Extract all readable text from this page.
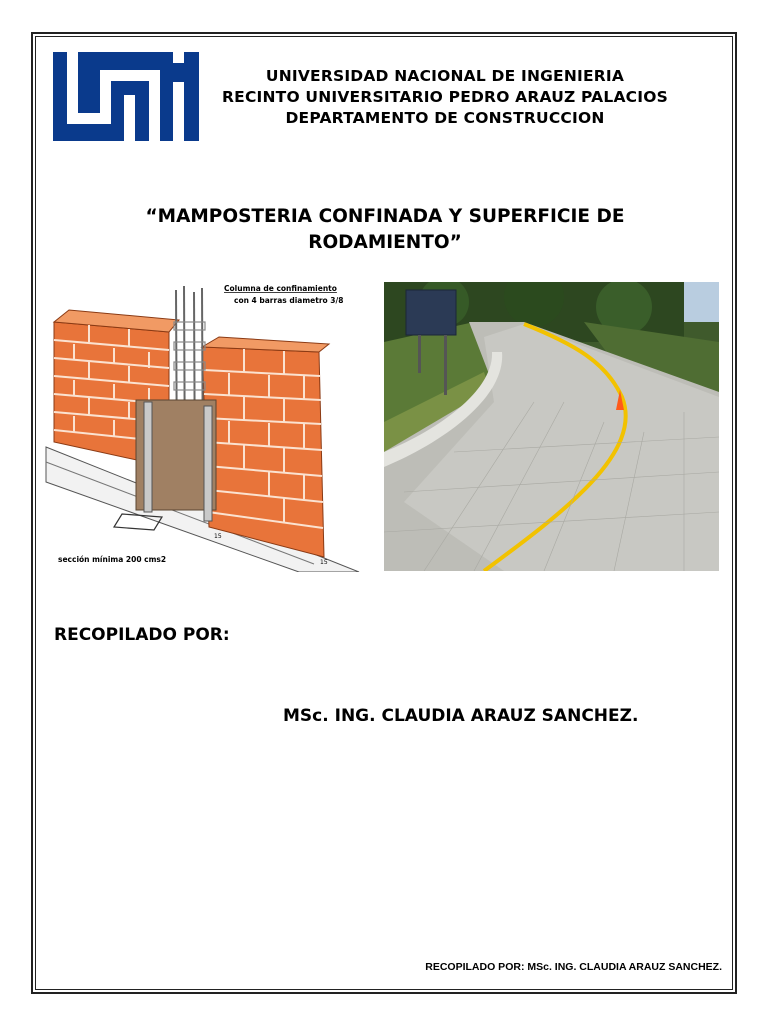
UNIVERSIDAD NACIONAL DE INGENIERIA
RECINTO UNIVERSITARIO PEDRO ARAUZ PALACIOS
DEPARTAMENTO DE CONSTRUCCION
“MAMPOSTERIA CONFINADA Y SUPERFICIE DE
RODAMIENTO”
Columna de confinamiento
con 4 barras diametro 3/8
sección mínima 200 cms2
15
15
RECOPILADO POR:
MSc. ING. CLAUDIA ARAUZ SANCHEZ.
RECOPILADO POR: MSc. ING. CLAUDIA ARAUZ SANCHEZ.
